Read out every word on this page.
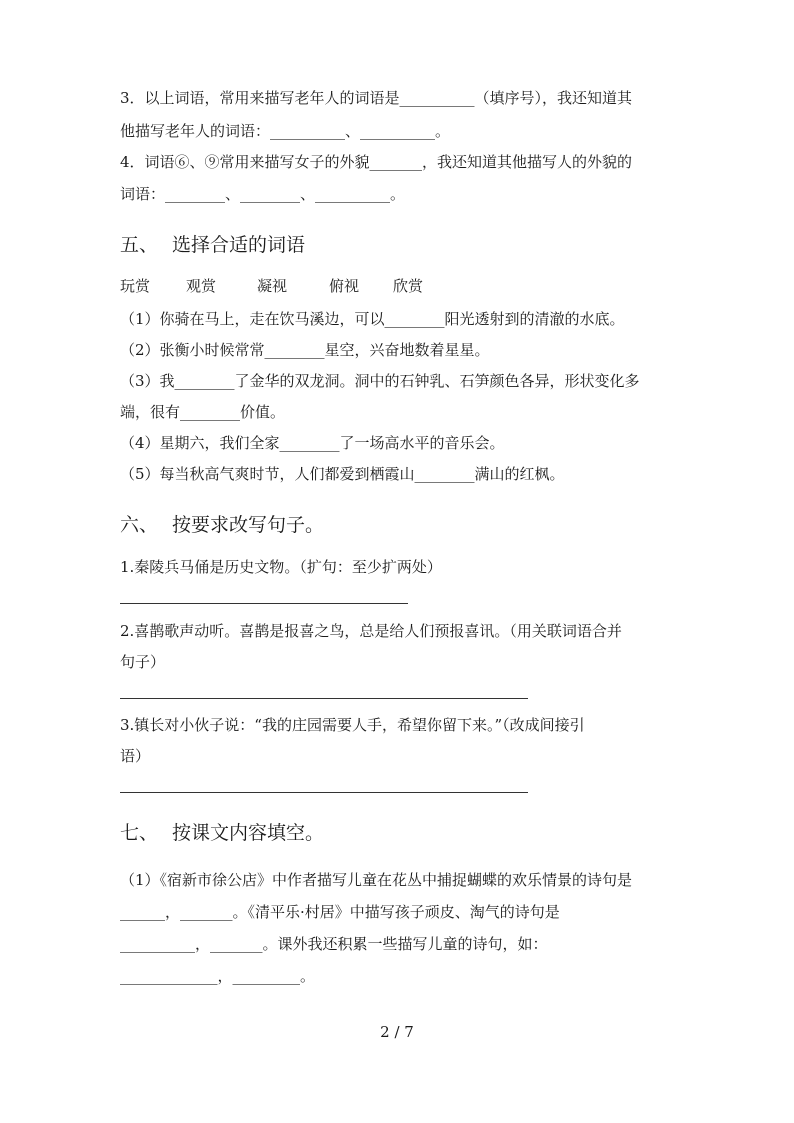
3．以上词语，常用来描写老年人的词语是__________（填序号），我还知道其
他描写老年人的词语：__________、__________。
4．词语⑥、⑨常用来描写女子的外貌_______，我还知道其他描写人的外貌的
词语：________、________、__________。
五、 选择合适的词语
玩赏 观赏	凝视	俯视 欣赏
（1）你骑在马上，走在饮马溪边，可以________阳光透射到的清澈的水底。
（2）张衡小时候常常________星空，兴奋地数着星星。
（3）我________了金华的双龙洞。洞中的石钟乳、石笋颜色各异，形状变化多
端，很有________价值。
（4）星期六，我们全家________了一场高水平的音乐会。
（5）每当秋高气爽时节，人们都爱到栖霞山________满山的红枫。
六、 按要求改写句子。
1.秦陵兵马俑是历史文物。（扩句：至少扩两处）
2.喜鹊歌声动听。喜鹊是报喜之鸟，总是给人们预报喜讯。（用关联词语合并
句子）
3.镇长对小伙子说：“我的庄园需要人手，希望你留下来。”（改成间接引
语）
七、 按课文内容填空。
（1）《宿新市徐公店》中作者描写儿童在花丛中捕捉蝴蝶的欢乐情景的诗句是
______，_______。《清平乐·村居》中描写孩子顽皮、淘气的诗句是
__________，_______。课外我还积累一些描写儿童的诗句，如：
_____________，_________。
2 / 7
